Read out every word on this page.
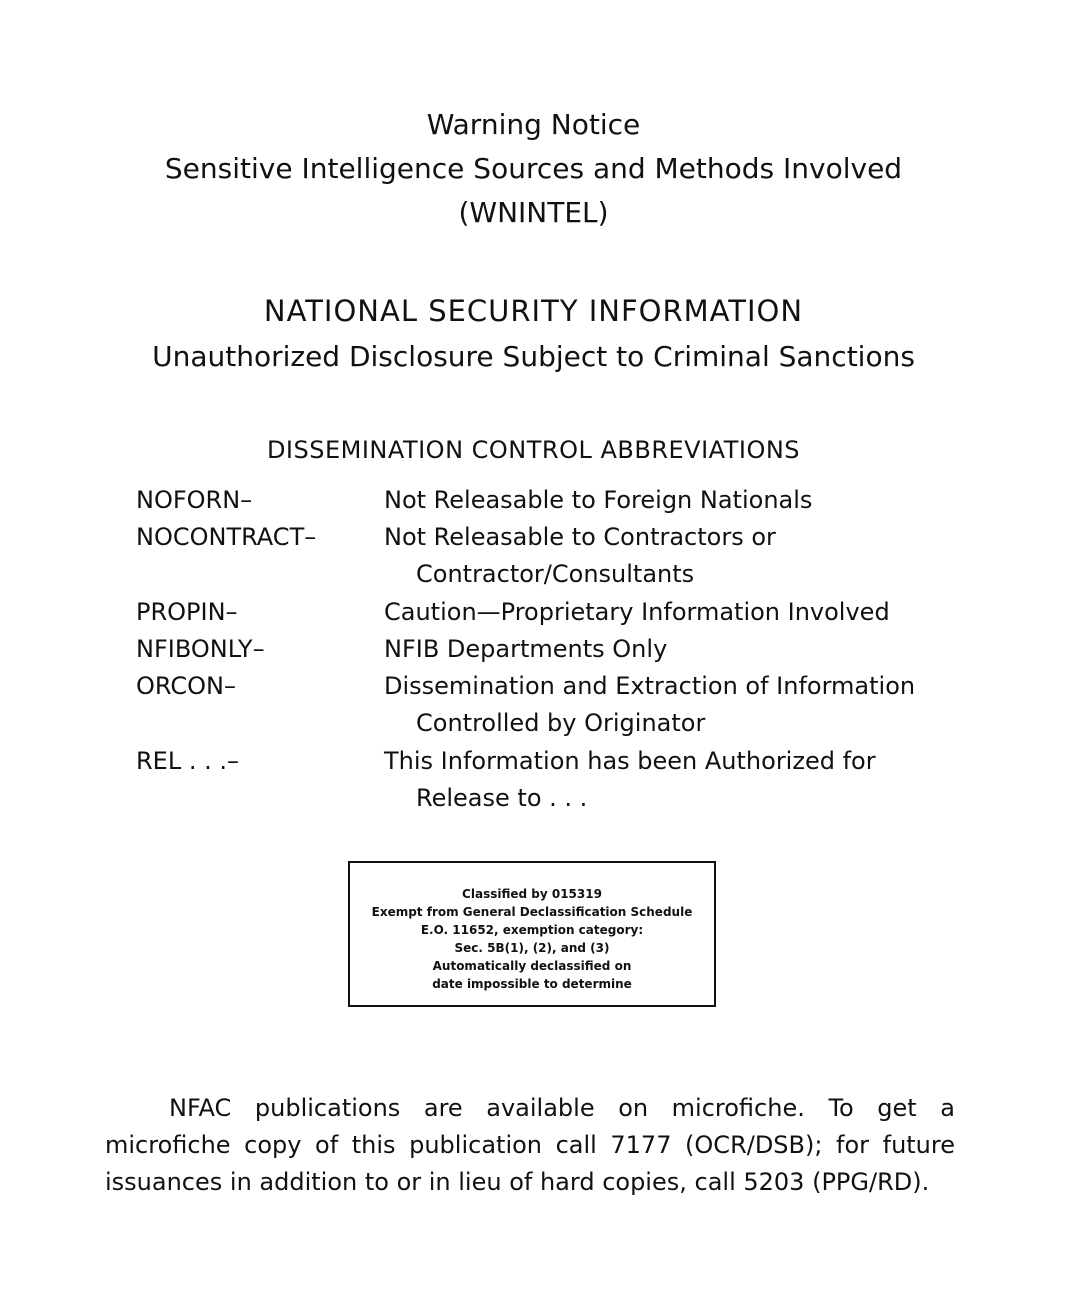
Warning Notice
Sensitive Intelligence Sources and Methods Involved
(WNINTEL)
NATIONAL SECURITY INFORMATION
Unauthorized Disclosure Subject to Criminal Sanctions
DISSEMINATION CONTROL ABBREVIATIONS
NOFORN–	Not Releasable to Foreign Nationals
NOCONTRACT–	Not Releasable to Contractors or
Contractor/Consultants
PROPIN–	Caution—Proprietary Information Involved
NFIBONLY–	NFIB Departments Only
ORCON–	Dissemination and Extraction of Information
Controlled by Originator
REL . . .–	This Information has been Authorized for
Release to . . .
Classified by 015319
Exempt from General Declassification Schedule
E.O. 11652, exemption category:
Sec. 5B(1), (2), and (3)
Automatically declassified on
date impossible to determine
NFAC publications are available on microfiche. To get a microfiche copy of this publication call 7177 (OCR/DSB); for future issuances in addition to or in lieu of hard copies, call 5203 (PPG/RD).
